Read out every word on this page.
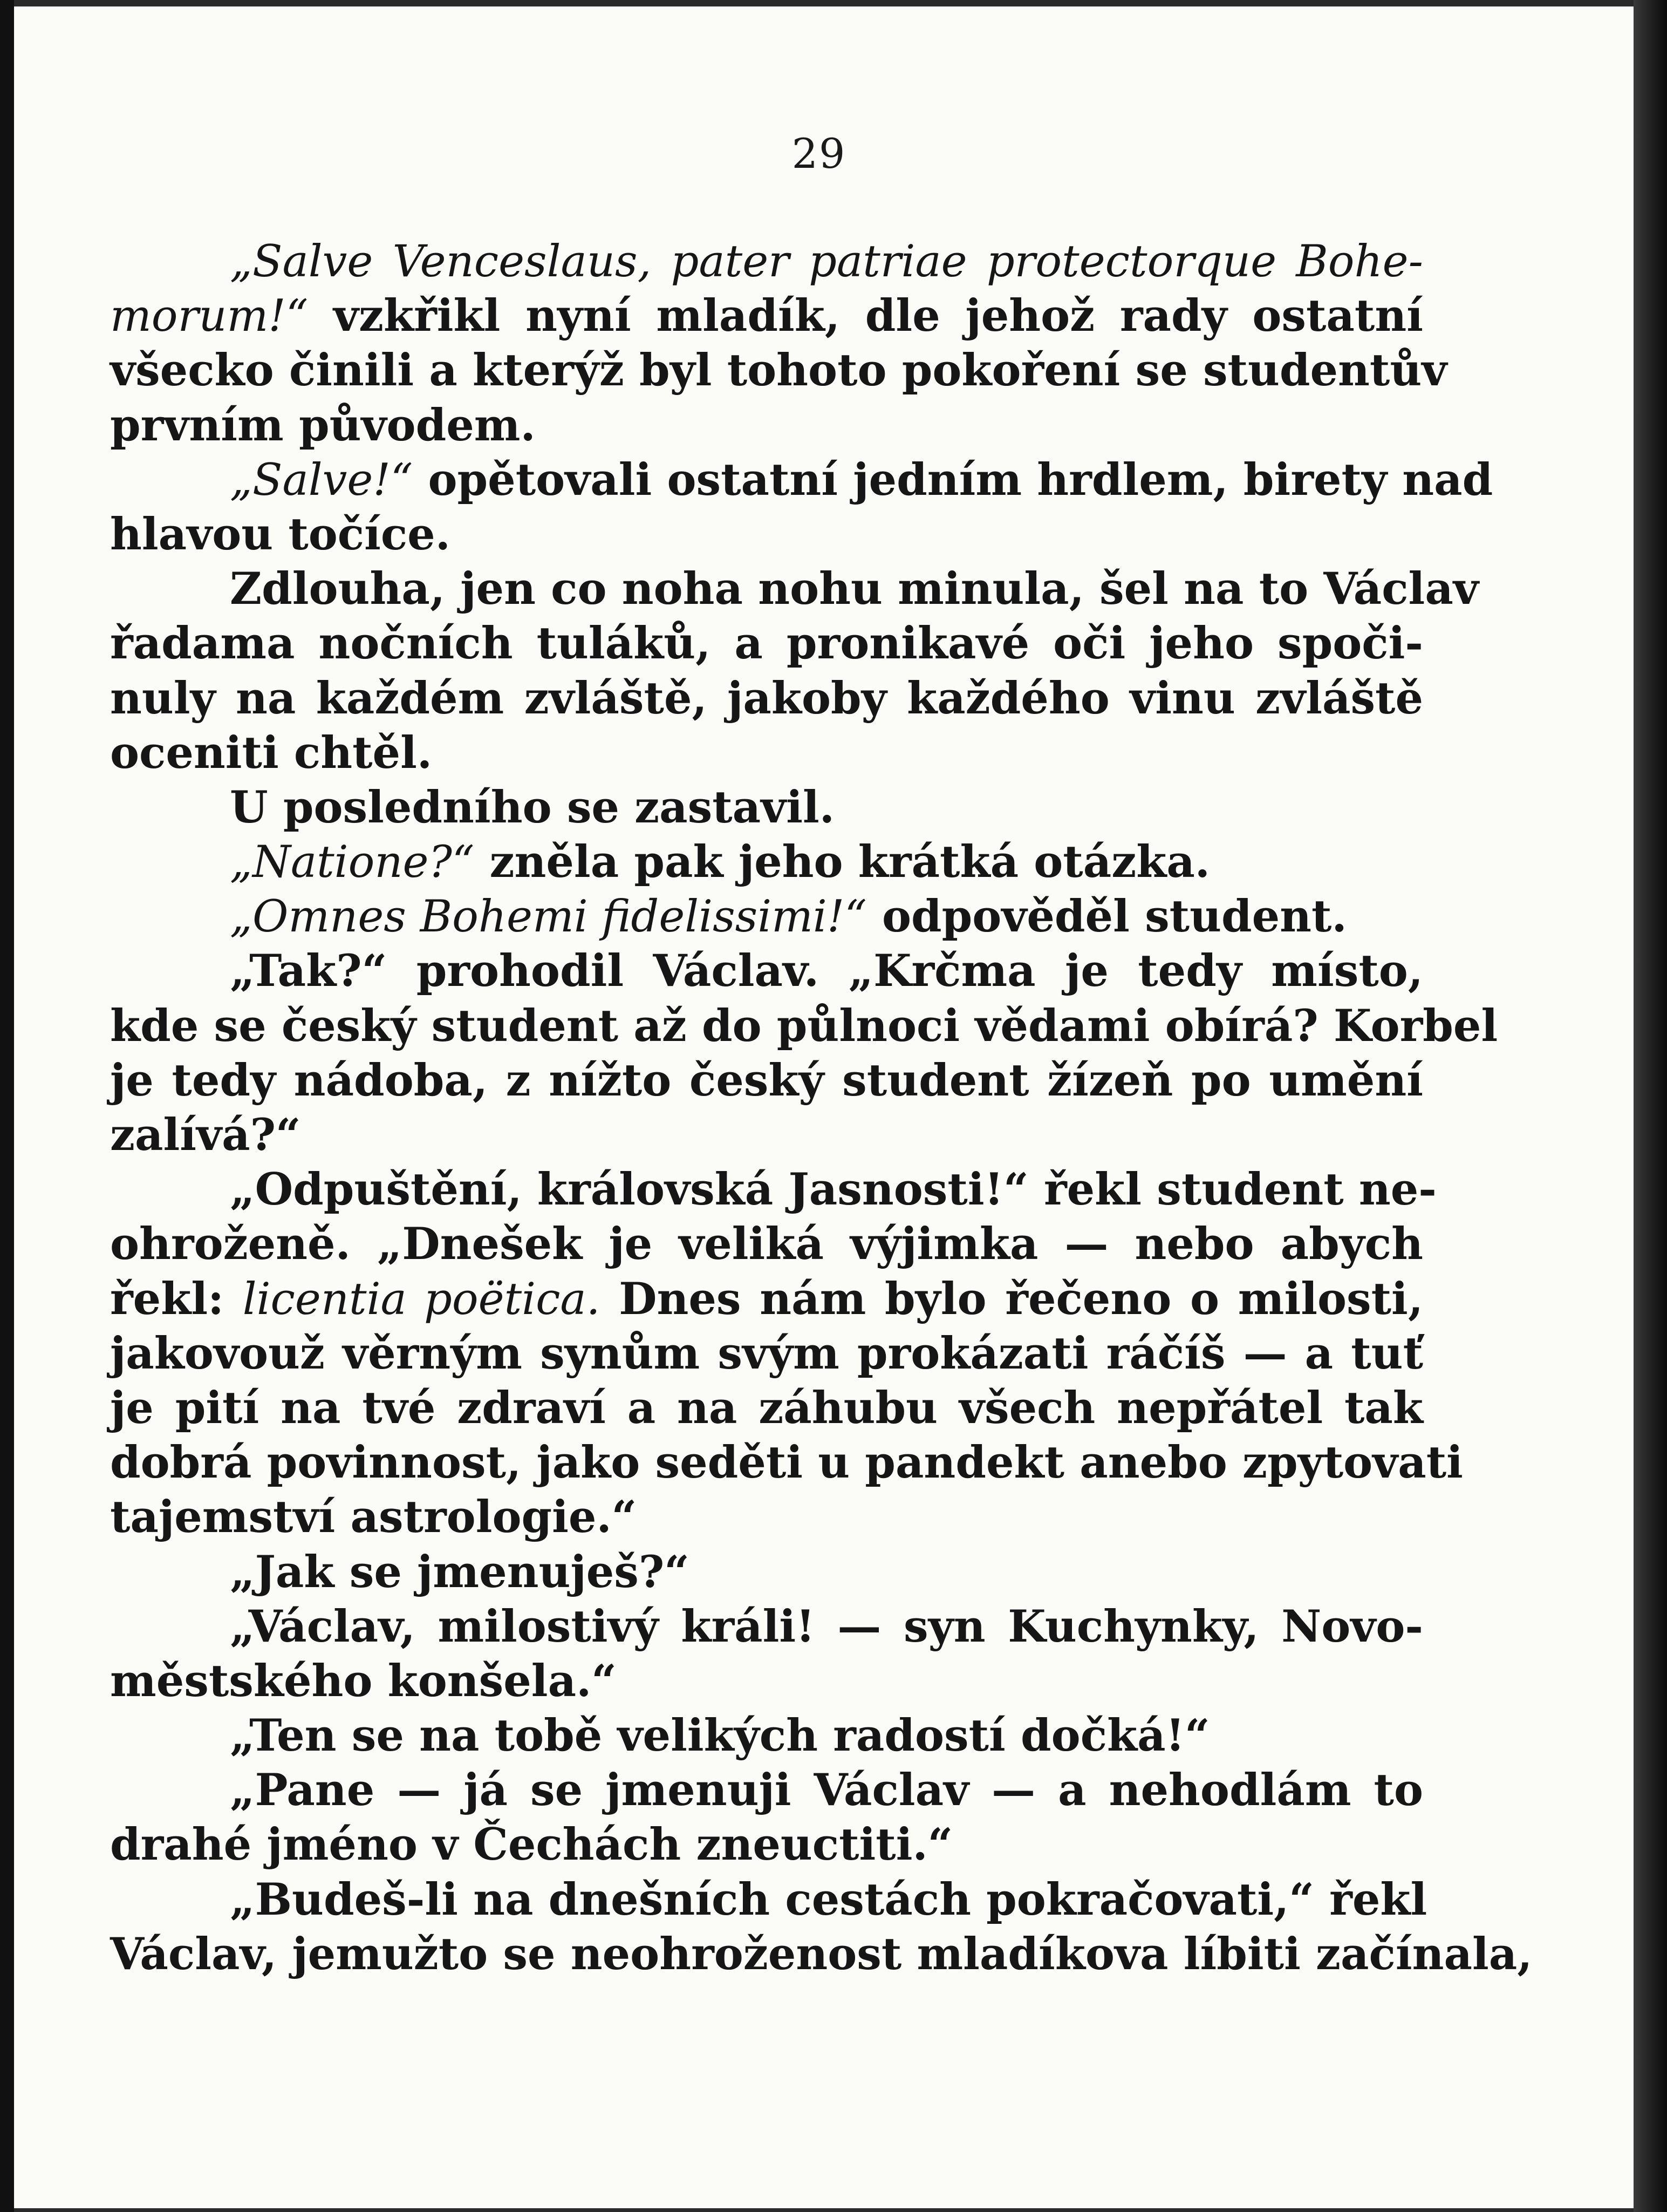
29
„Salve Venceslaus, pater patriae protectorque Bohe-
morum!“ vzkřikl nyní mladík, dle jehož rady ostatní
všecko činili a kterýž byl tohoto pokoření se studentův
prvním původem.
„Salve!“ opětovali ostatní jedním hrdlem, birety nad
hlavou točíce.
Zdlouha, jen co noha nohu minula, šel na to Václav
řadama nočních tuláků, a pronikavé oči jeho spoči-
nuly na každém zvláště, jakoby každého vinu zvláště
oceniti chtěl.
U posledního se zastavil.
„Natione?“ zněla pak jeho krátká otázka.
„Omnes Bohemi fidelissimi!“ odpověděl student.
„Tak?“ prohodil Václav. „Krčma je tedy místo,
kde se český student až do půlnoci vědami obírá? Korbel
je tedy nádoba, z nížto český student žízeň po umění
zalívá?“
„Odpuštění, královská Jasnosti!“ řekl student ne-
ohroženě. „Dnešek je veliká výjimka — nebo abych
řekl: licentia poëtica. Dnes nám bylo řečeno o milosti,
jakovouž věrným synům svým prokázati ráčíš — a tuť
je pití na tvé zdraví a na záhubu všech nepřátel tak
dobrá povinnost, jako seděti u pandekt anebo zpytovati
tajemství astrologie.“
„Jak se jmenuješ?“
„Václav, milostivý králi! — syn Kuchynky, Novo-
městského konšela.“
„Ten se na tobě velikých radostí dočká!“
„Pane — já se jmenuji Václav — a nehodlám to
drahé jméno v Čechách zneuctiti.“
„Budeš-li na dnešních cestách pokračovati,“ řekl
Václav, jemužto se neohroženost mladíkova líbiti začínala,
